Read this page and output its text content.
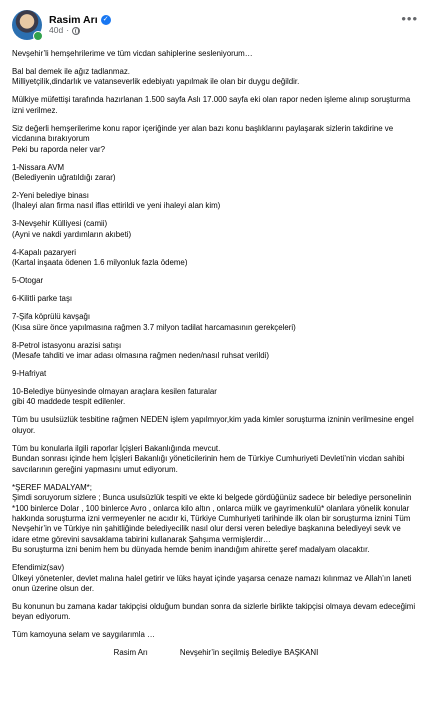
Rasim Arı ✓
40d ·
•••

Nevşehir’li hemşehrilerime ve tüm vicdan sahiplerine sesleniyorum…

Bal bal demek ile ağız tadlanmaz.
Milliyetçilik,dindarlık ve vatanseverlik edebiyatı yapılmak ile olan bir duygu değildir.

Mülkiye müfettişi tarafında hazırlanan 1.500 sayfa Aslı 17.000 sayfa eki olan rapor neden işleme alınıp soruşturma izni verilmez.

Siz değerli hemşerilerime konu rapor içeriğinde yer alan bazı konu başlıklarını paylaşarak sizlerin takdirine ve vicdanına bırakıyorum
Peki bu raporda neler var?

1-Nissara AVM
(Belediyenin uğratıldığı zarar)

2-Yeni belediye binası
(İhaleyi alan firma nasıl iflas ettirildi ve yeni ihaleyi alan kim)

3-Nevşehir Külliyesi (camii)
(Ayni ve nakdi yardımların akıbeti)

4-Kapalı pazaryeri
(Kartal inşaata ödenen 1.6 milyonluk fazla ödeme)

5-Otogar

6-Kilitli parke taşı

7-Şifa köprülü kavşağı
(Kısa süre önce yapılmasına rağmen 3.7 milyon tadilat harcamasının gerekçeleri)

8-Petrol istasyonu arazisi satışı
(Mesafe tahditi ve imar adası olmasına rağmen neden/nasıl ruhsat verildi)

9-Hafriyat

10-Belediye bünyesinde olmayan araçlara kesilen faturalar
gibi 40 maddede tespit edilenler.

Tüm bu usulsüzlük tesbitine rağmen NEDEN işlem yapılmıyor,kim yada kimler soruşturma izninin verilmesine engel oluyor.

Tüm bu konularla ilgili raporlar İçişleri Bakanlığında mevcut.
Bundan sonrası içinde hem İçişleri Bakanlığı yöneticilerinin hem de Türkiye Cumhuriyeti Devleti’nin vicdan sahibi savcılarının gereğini yapmasını umut ediyorum.

*ŞEREF MADALYAM*;
Şimdi soruyorum sizlere ; Bunca usulsüzlük tespiti ve ekte ki belgede gördüğünüz sadece bir belediye personelinin *100 binlerce Dolar , 100 binlerce Avro , onlarca kilo altın , onlarca mülk ve gayrimenkulü* olanlara yönelik konular hakkında soruşturma izni vermeyenler ne acıdır ki, Türkiye Cumhuriyeti tarihinde ilk olan bir soruşturma iznini Tüm Nevşehir’in ve Türkiye nin şahitliğinde belediyecilik nasıl olur dersi veren belediye başkanına belediyeyi sevk ve idare etme görevini savsaklama tabirini kullanarak Şahşıma vermişlerdir…
Bu soruşturma izni benim hem bu dünyada hemde benim inandığım ahirette şeref madalyam olacaktır.

Efendimiz(sav)
Ülkeyi yönetenler, devlet malına halel getirir ve lüks hayat içinde yaşarsa cenaze namazı kılınmaz ve Allah’ın laneti onun üzerine olsun der.

Bu konunun bu zamana kadar takipçisi olduğum bundan sonra da sizlerle birlikte takipçisi olmaya devam edeceğimi beyan ediyorum.

Tüm kamoyuna selam ve saygılarımla …

Rasim Arı	Nevşehir’in seçilmiş Belediye BAŞKANI
